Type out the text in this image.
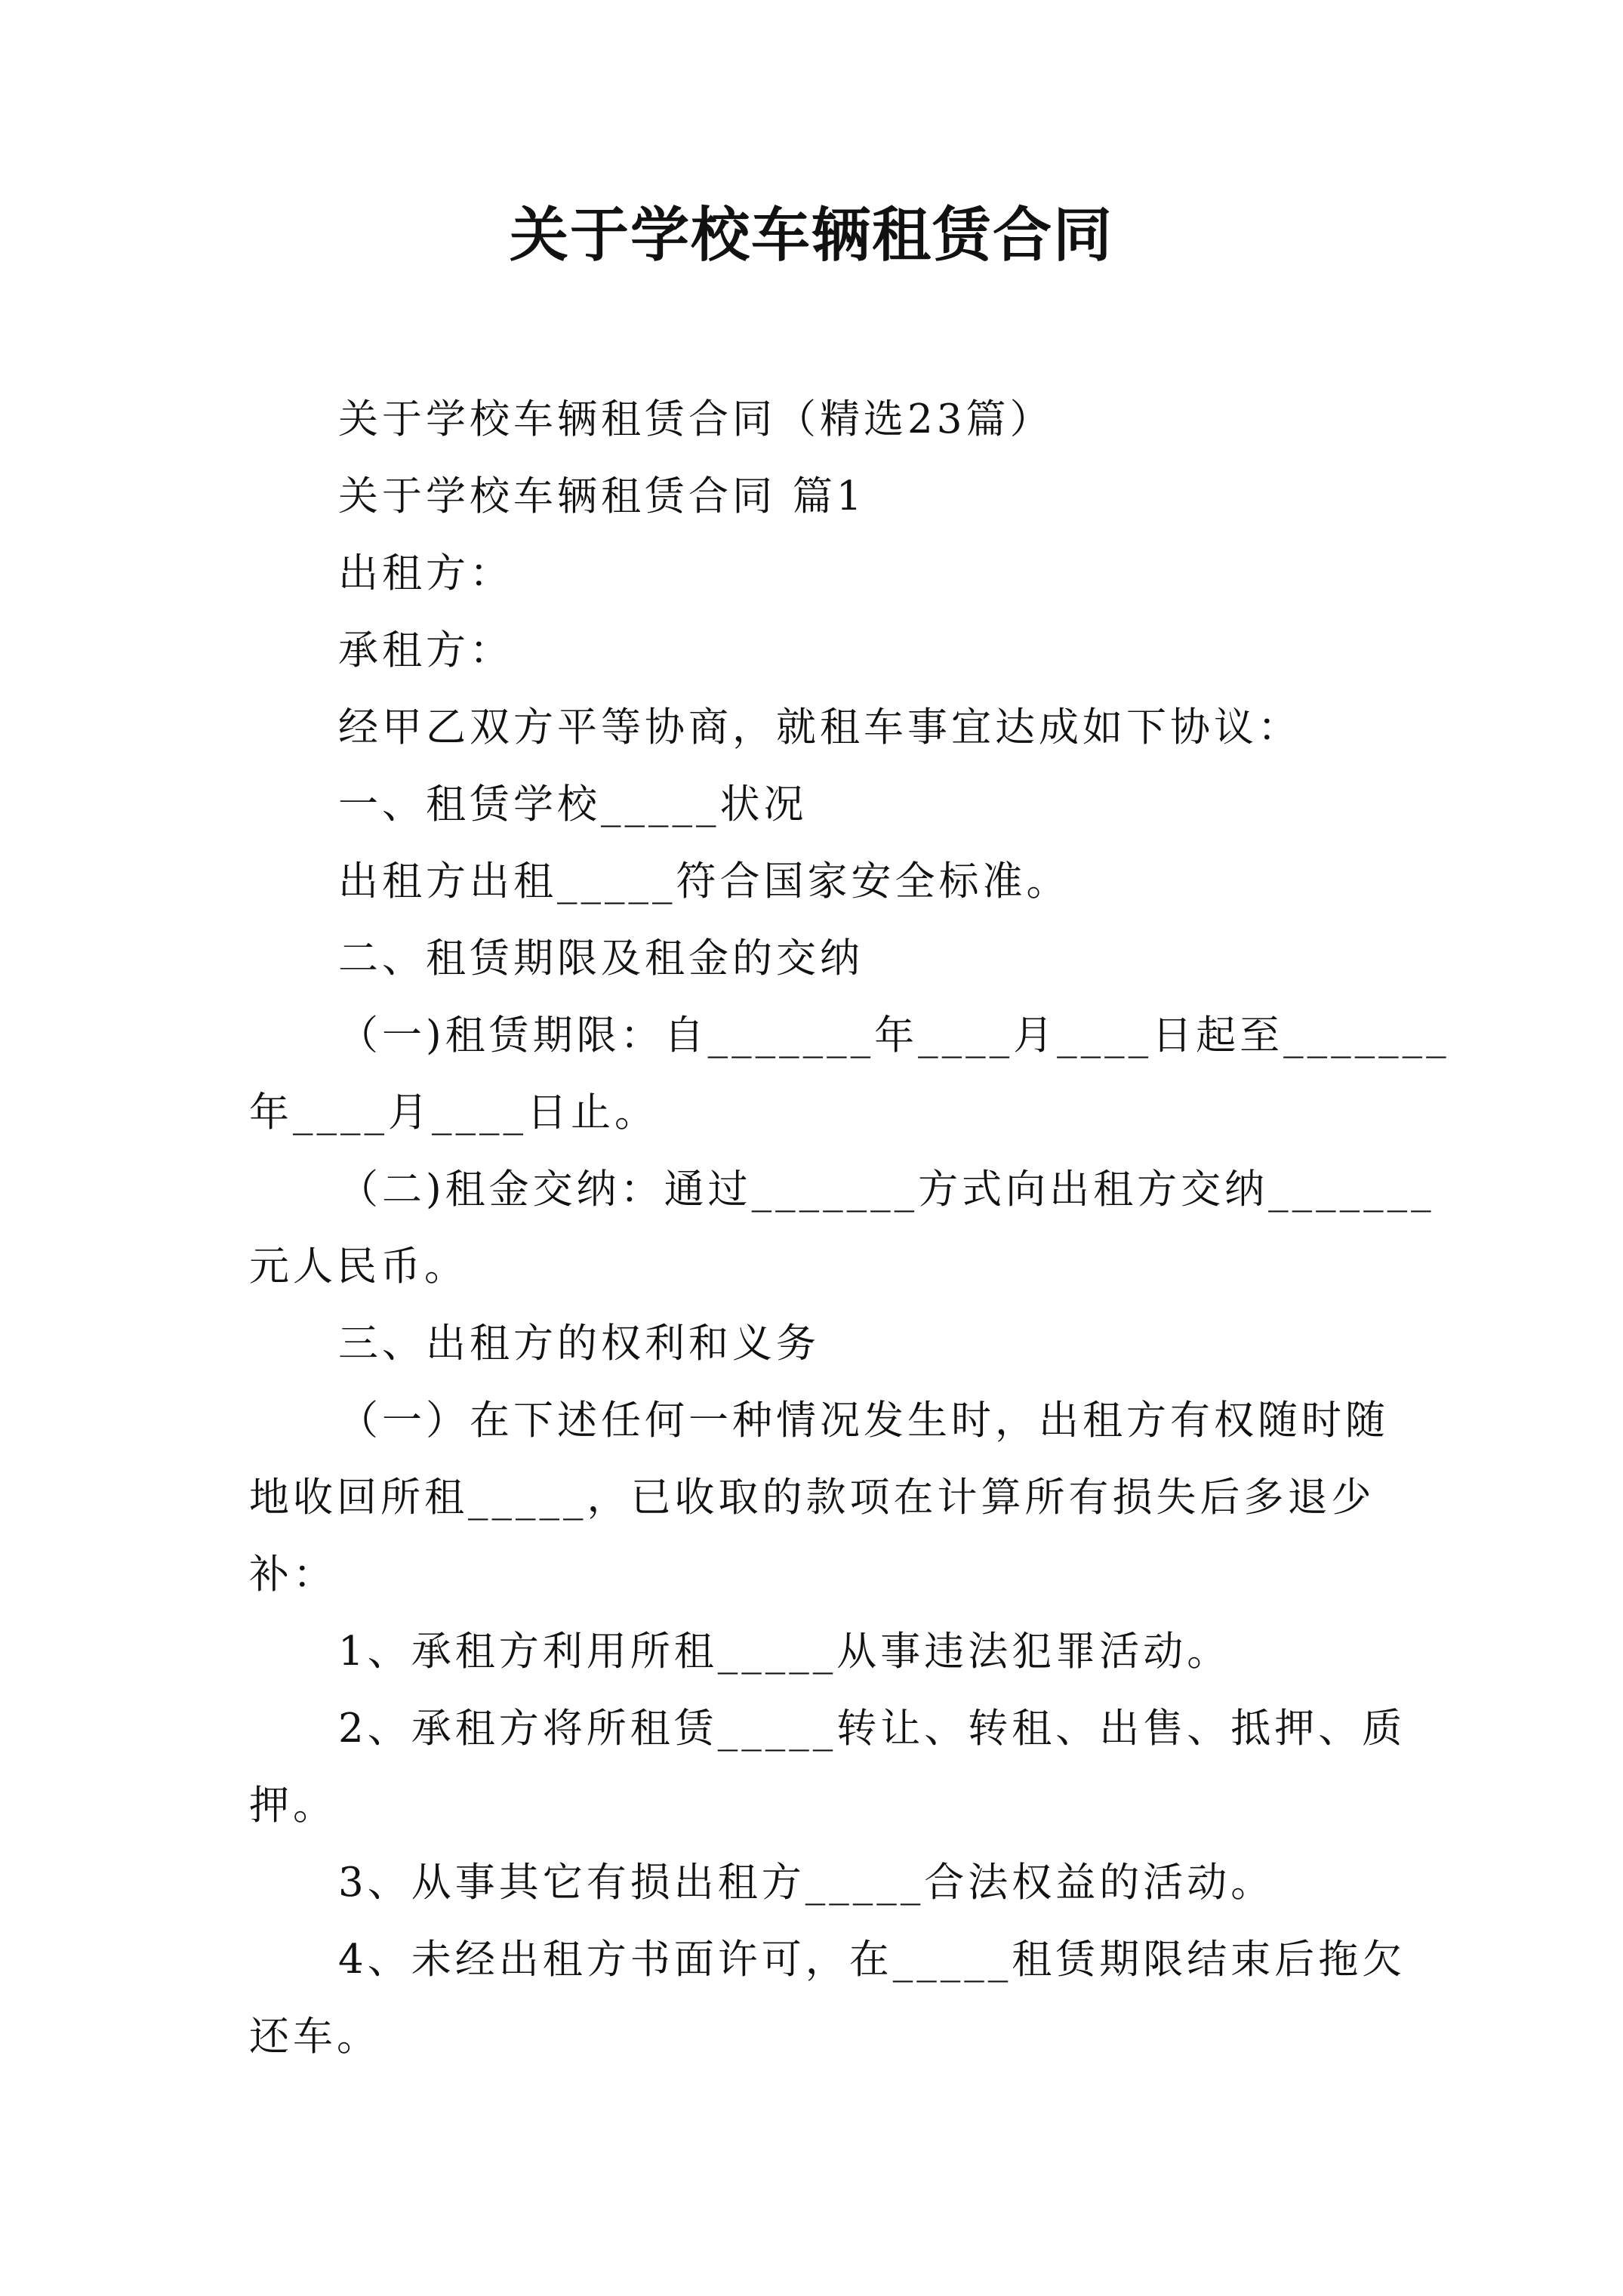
关于学校车辆租赁合同

关于学校车辆租赁合同（精选23篇）

关于学校车辆租赁合同 篇1

出租方：

承租方：

经甲乙双方平等协商，就租车事宜达成如下协议：

一、租赁学校_____状况

出租方出租_____符合国家安全标准。

二、租赁期限及租金的交纳

（一)租赁期限：自_______年____月____日起至_______

年____月____日止。

（二)租金交纳：通过_______方式向出租方交纳_______

元人民币。

三、出租方的权利和义务

（一）在下述任何一种情况发生时，出租方有权随时随

地收回所租_____，已收取的款项在计算所有损失后多退少

补：

1、承租方利用所租_____从事违法犯罪活动。

2、承租方将所租赁_____转让、转租、出售、抵押、质

押。

3、从事其它有损出租方_____合法权益的活动。

4、未经出租方书面许可，在_____租赁期限结束后拖欠

还车。
